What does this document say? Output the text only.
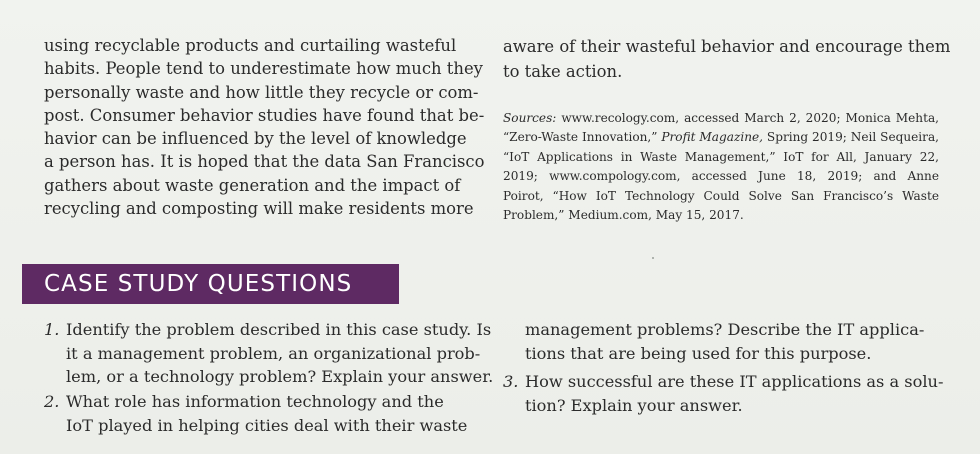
using recyclable products and curtailing wasteful
habits. People tend to underestimate how much they
personally waste and how little they recycle or com-
post. Consumer behavior studies have found that be-
havior can be influenced by the level of knowledge
a person has. It is hoped that the data San Francisco
gathers about waste generation and the impact of
recycling and composting will make residents more
aware of their wasteful behavior and encourage them
to take action.
Sources: www.recology.com, accessed March 2, 2020; Monica Mehta,
“Zero-Waste Innovation,” Profit Magazine, Spring 2019; Neil Sequeira,
“IoT Applications in Waste Management,” IoT for All, January 22,
2019; www.compology.com, accessed June 18, 2019; and Anne
Poirot, “How IoT Technology Could Solve San Francisco’s Waste
Problem,” Medium.com, May 15, 2017.
CASE STUDY QUESTIONS
1. Identify the problem described in this case study. Is
it a management problem, an organizational prob-
lem, or a technology problem? Explain your answer.
2. What role has information technology and the
IoT played in helping cities deal with their waste
management problems? Describe the IT applica-
tions that are being used for this purpose.
3. How successful are these IT applications as a solu-
tion? Explain your answer.
